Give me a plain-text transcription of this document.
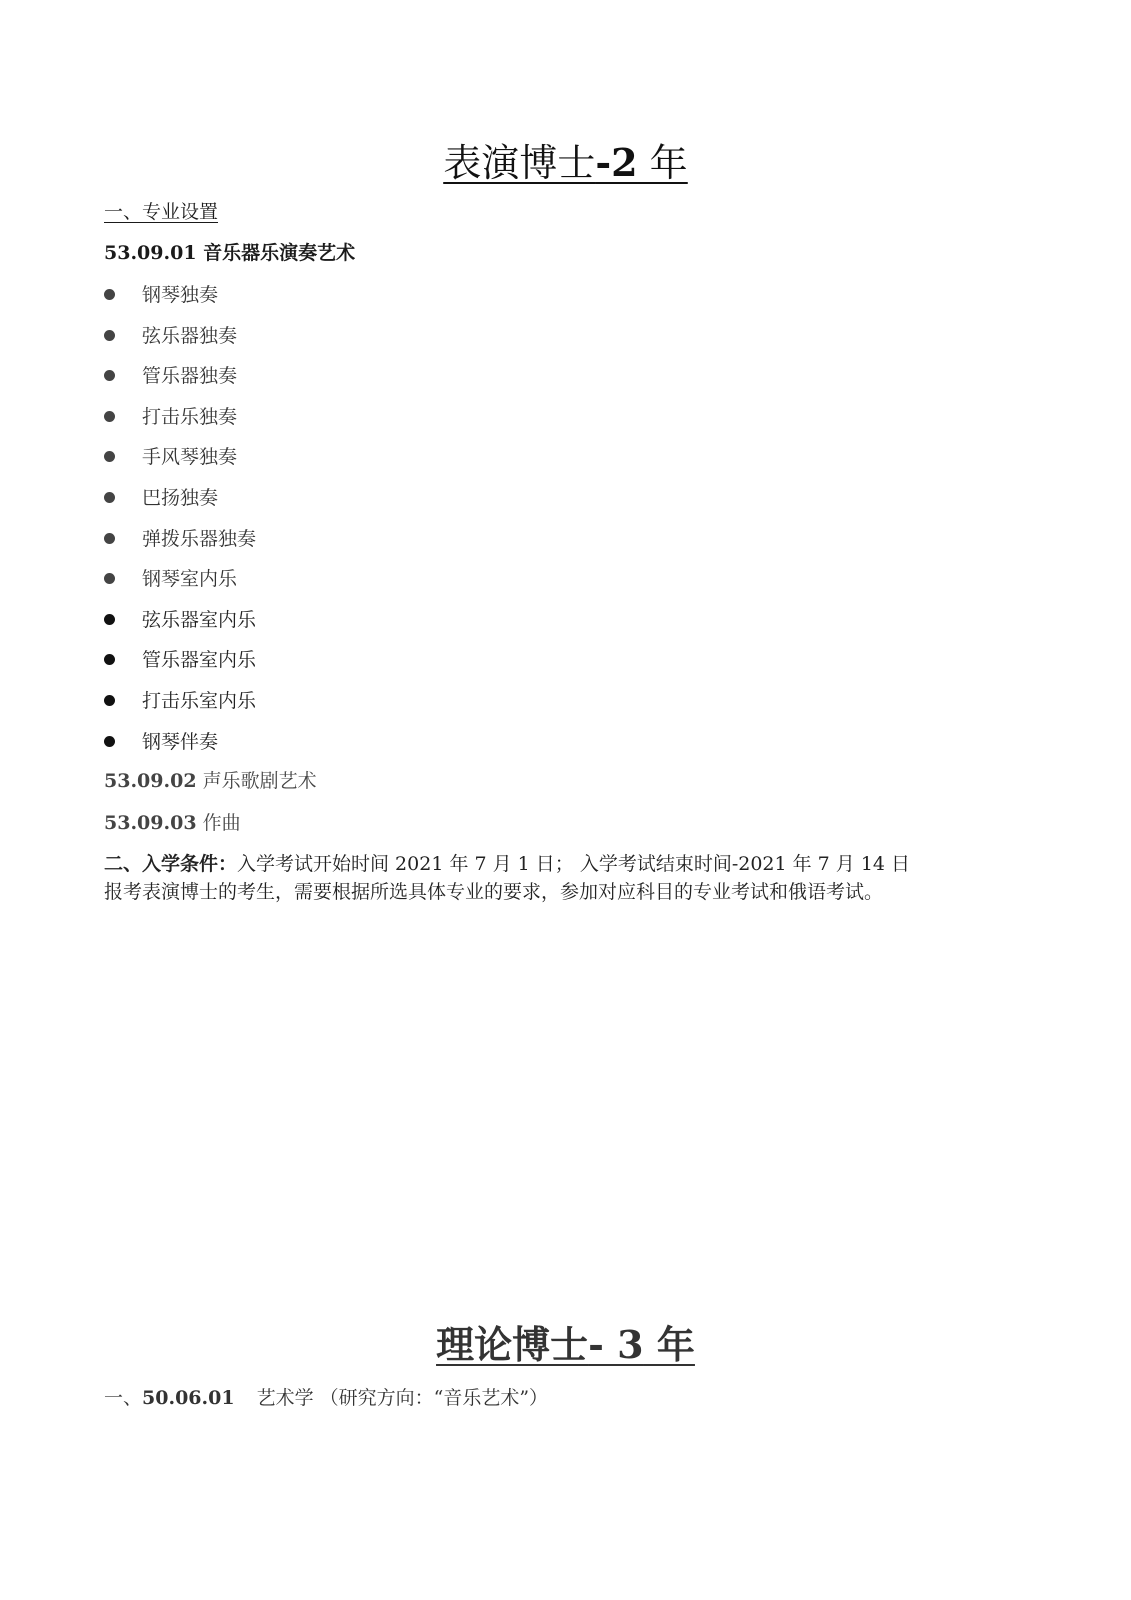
表演博士-2 年

一、专业设置

53.09.01 音乐器乐演奏艺术

钢琴独奏
弦乐器独奏
管乐器独奏
打击乐独奏
手风琴独奏
巴扬独奏
弹拨乐器独奏
钢琴室内乐
弦乐器室内乐
管乐器室内乐
打击乐室内乐
钢琴伴奏

53.09.02 声乐歌剧艺术

53.09.03 作曲

二、入学条件：入学考试开始时间 2021 年 7 月 1 日； 入学考试结束时间-2021 年 7 月 14 日

报考表演博士的考生，需要根据所选具体专业的要求，参加对应科目的专业考试和俄语考试。

理论博士- 3 年

一、50.06.01 艺术学 （研究方向：“音乐艺术”）
